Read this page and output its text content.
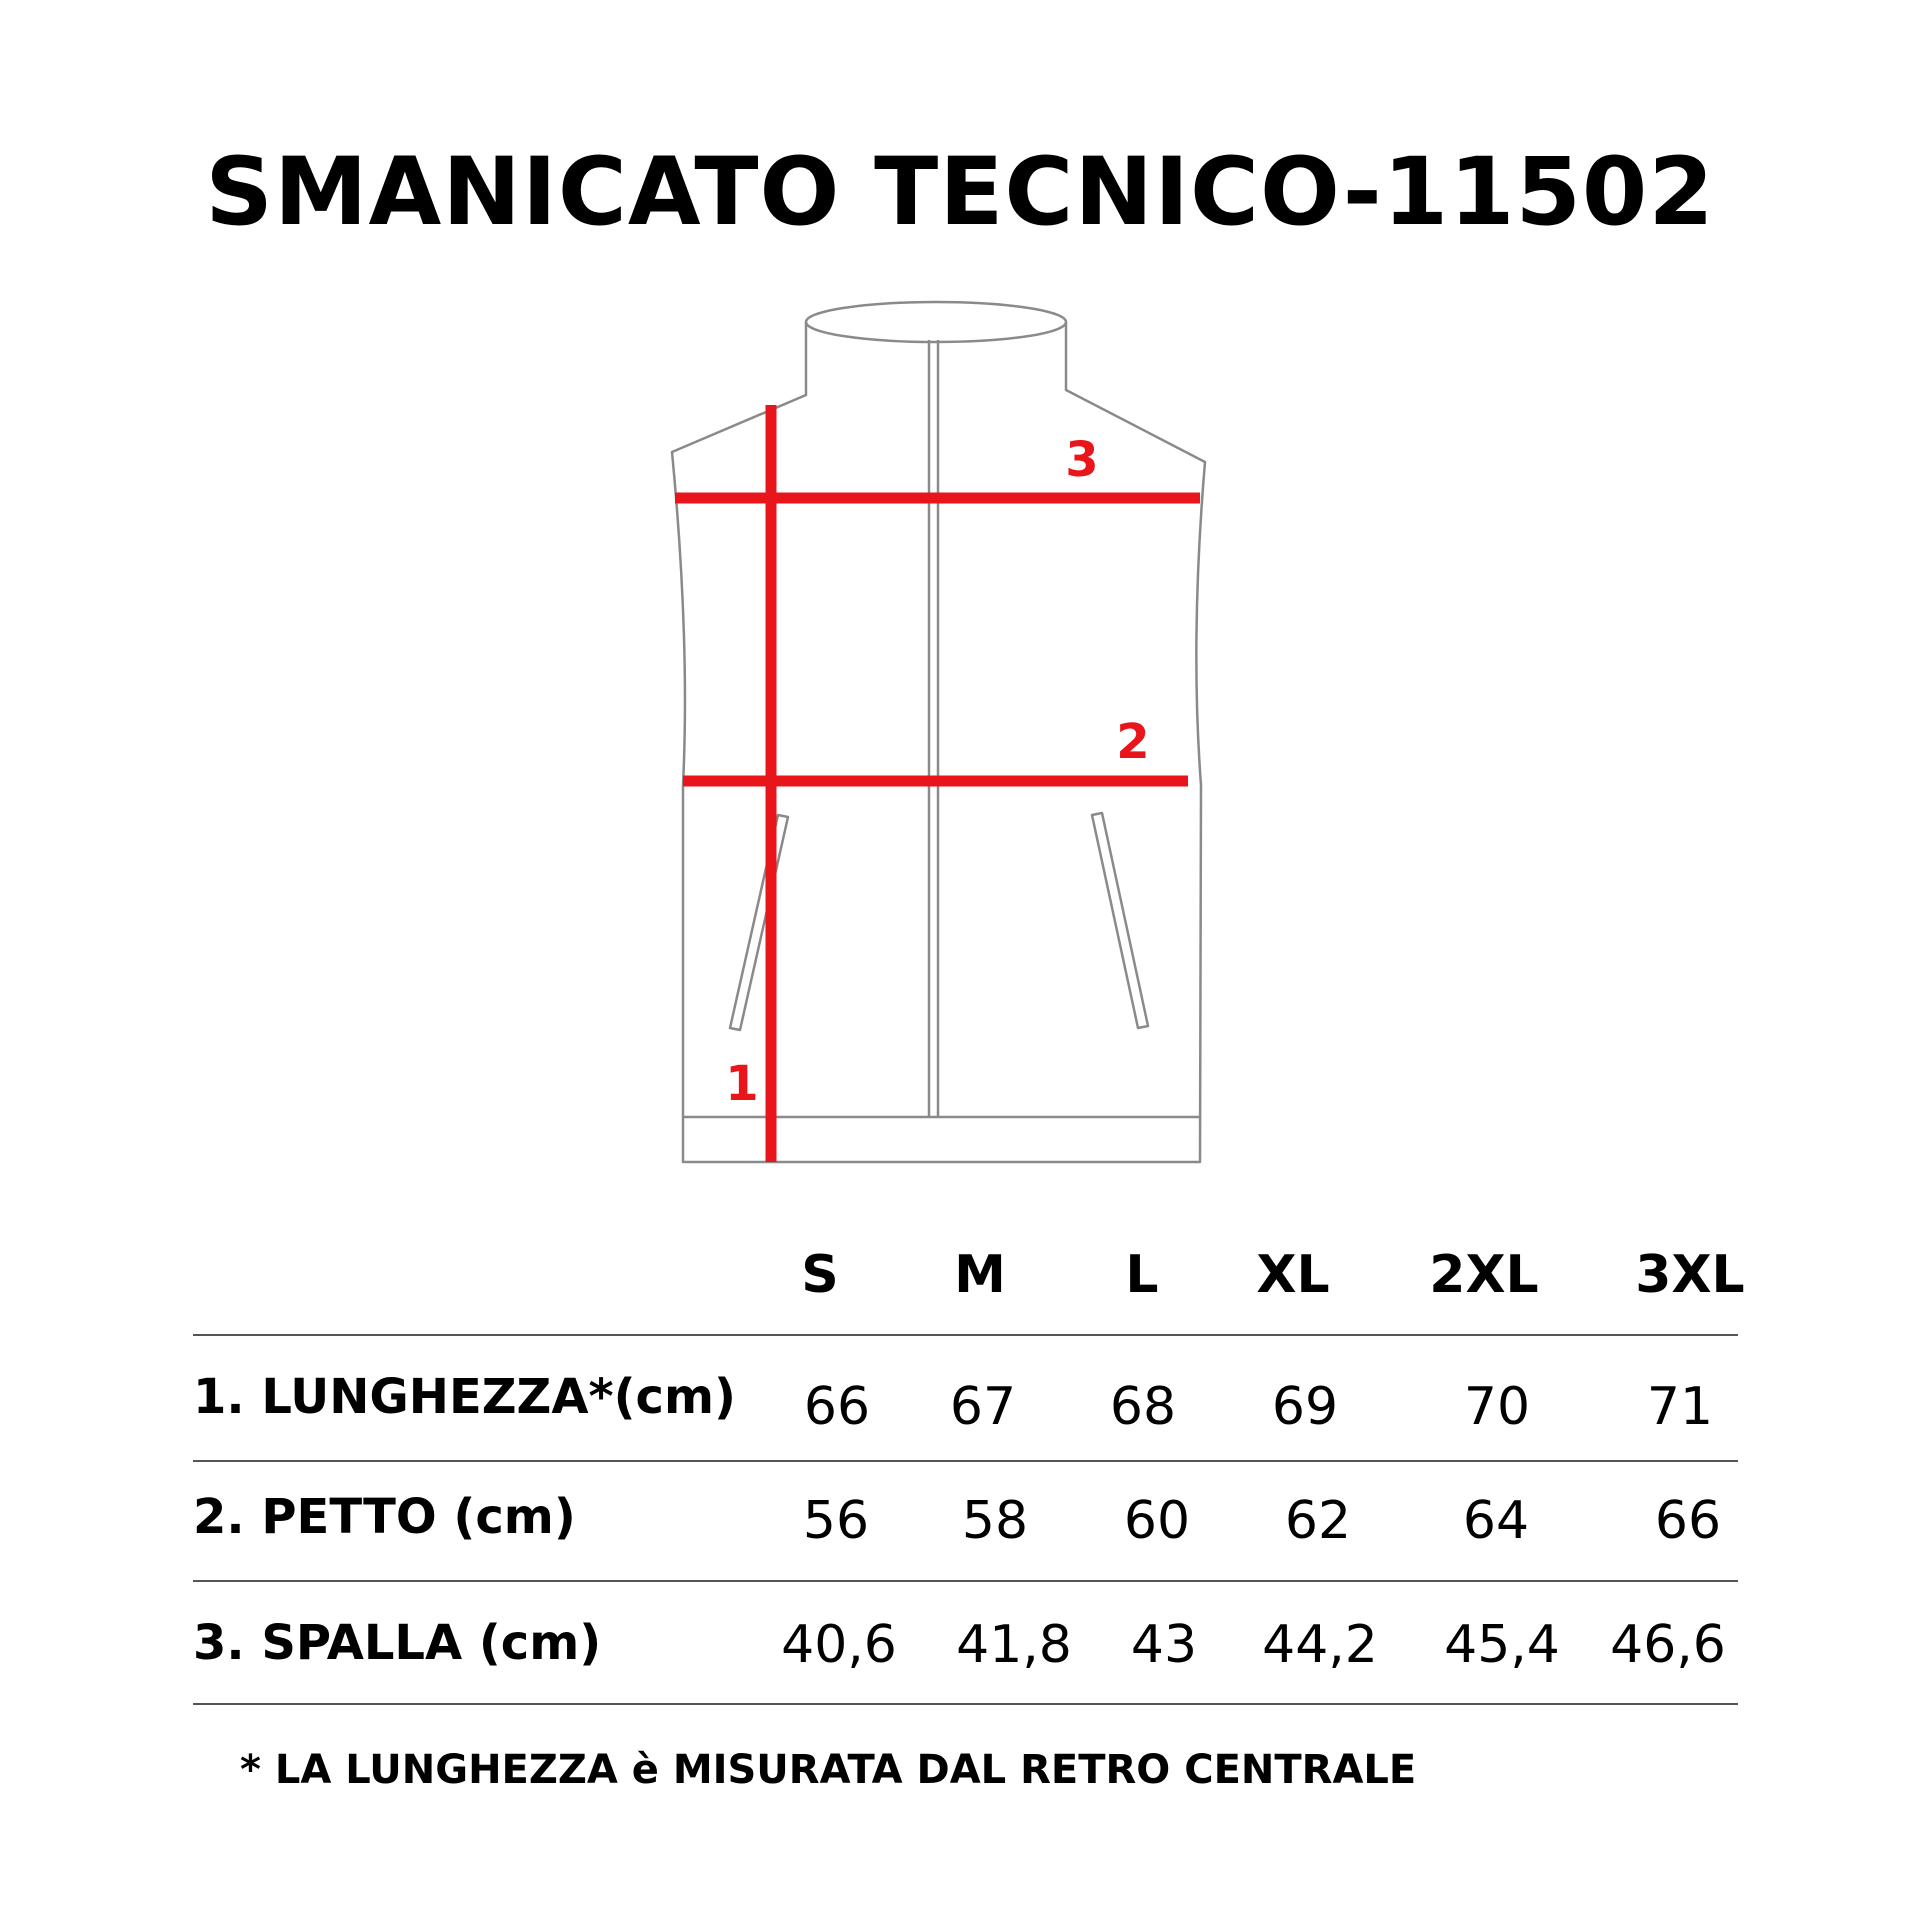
SMANICATO TECNICO-11502
3
2
1
S	M	L	XL	2XL	3XL
1. LUNGHEZZA*(cm)	66	67	68	69	70	71
2. PETTO (cm)	56	58	60	62	64	66
3. SPALLA (cm)	40,6	41,8	43	44,2	45,4 46,6
* LA LUNGHEZZA è MISURATA DAL RETRO CENTRALE
